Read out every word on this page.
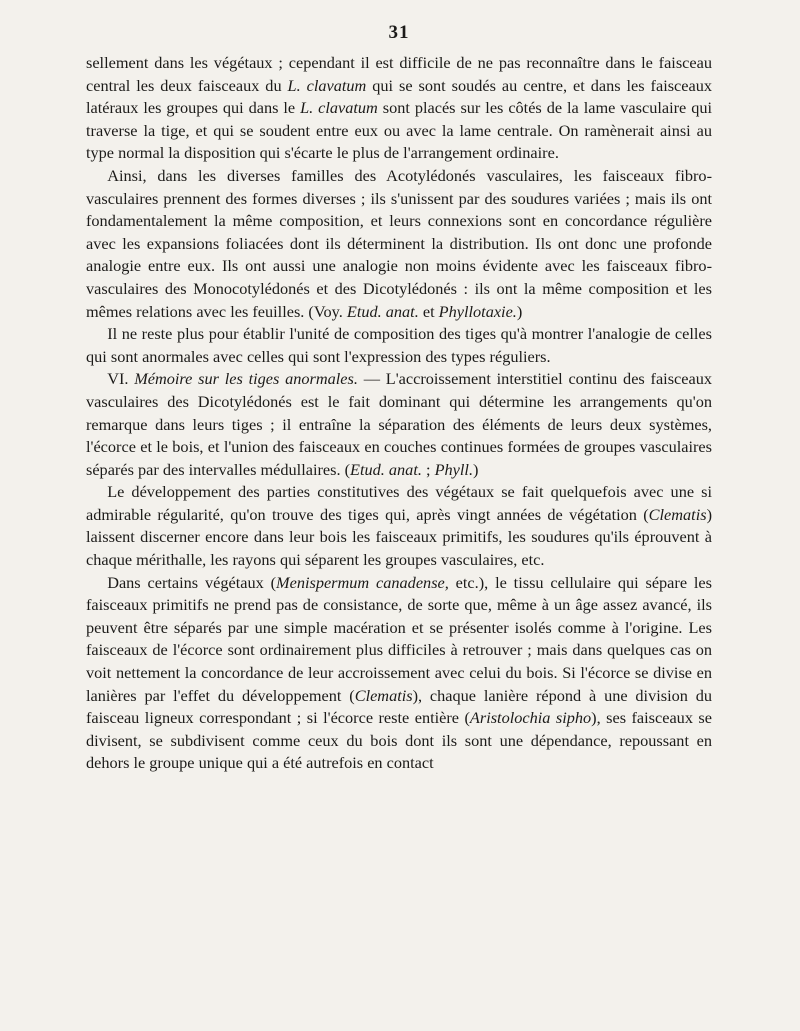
31

sellement dans les végétaux ; cependant il est difficile de ne pas reconnaître dans le faisceau central les deux faisceaux du L. clavatum qui se sont soudés au centre, et dans les faisceaux latéraux les groupes qui dans le L. clavatum sont placés sur les côtés de la lame vasculaire qui traverse la tige, et qui se soudent entre eux ou avec la lame centrale. On ramènerait ainsi au type normal la disposition qui s'écarte le plus de l'arrangement ordinaire.

Ainsi, dans les diverses familles des Acotylédonés vasculaires, les faisceaux fibro-vasculaires prennent des formes diverses ; ils s'unissent par des soudures variées ; mais ils ont fondamentalement la même composition, et leurs connexions sont en concordance régulière avec les expansions foliacées dont ils déterminent la distribution. Ils ont donc une profonde analogie entre eux. Ils ont aussi une analogie non moins évidente avec les faisceaux fibro-vasculaires des Monocotylédonés et des Dicotylédonés : ils ont la même composition et les mêmes relations avec les feuilles. (Voy. Etud. anat. et Phyllotaxie.)

Il ne reste plus pour établir l'unité de composition des tiges qu'à montrer l'analogie de celles qui sont anormales avec celles qui sont l'expression des types réguliers.

VI. Mémoire sur les tiges anormales. — L'accroissement interstitiel continu des faisceaux vasculaires des Dicotylédonés est le fait dominant qui détermine les arrangements qu'on remarque dans leurs tiges ; il entraîne la séparation des éléments de leurs deux systèmes, l'écorce et le bois, et l'union des faisceaux en couches continues formées de groupes vasculaires séparés par des intervalles médullaires. (Etud. anat. ; Phyll.)

Le développement des parties constitutives des végétaux se fait quelquefois avec une si admirable régularité, qu'on trouve des tiges qui, après vingt années de végétation (Clematis) laissent discerner encore dans leur bois les faisceaux primitifs, les soudures qu'ils éprouvent à chaque mérithalle, les rayons qui séparent les groupes vasculaires, etc.

Dans certains végétaux (Menispermum canadense, etc.), le tissu cellulaire qui sépare les faisceaux primitifs ne prend pas de consistance, de sorte que, même à un âge assez avancé, ils peuvent être séparés par une simple macération et se présenter isolés comme à l'origine. Les faisceaux de l'écorce sont ordinairement plus difficiles à retrouver ; mais dans quelques cas on voit nettement la concordance de leur accroissement avec celui du bois. Si l'écorce se divise en lanières par l'effet du développement (Clematis), chaque lanière répond à une division du faisceau ligneux correspondant ; si l'écorce reste entière (Aristolochia sipho), ses faisceaux se divisent, se subdivisent comme ceux du bois dont ils sont une dépendance, repoussant en dehors le groupe unique qui a été autrefois en contact
